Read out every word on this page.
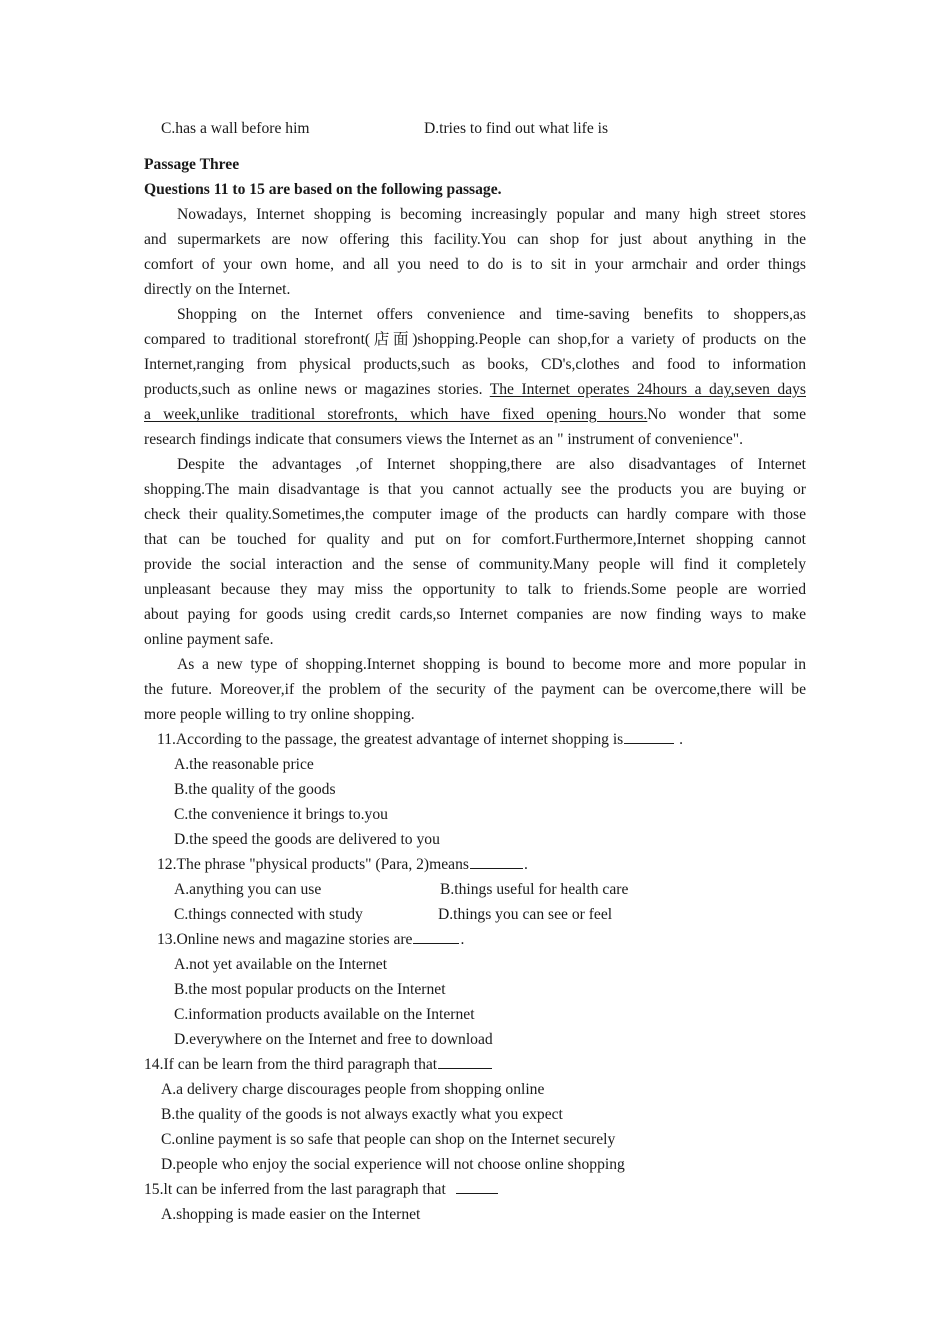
C.has a wall before him	D.tries to find out what life is
Passage Three
Questions 11 to 15 are based on the following passage.
Nowadays, Internet shopping is becoming increasingly popular and many high street stores
and supermarkets are now offering this facility.You can shop for just about anything in the
comfort of your own home, and all you need to do is to sit in your armchair and order things
directly on the Internet.
Shopping on the Internet offers convenience and time-saving benefits to shoppers,as
compared to traditional storefront(店面)shopping.People can shop,for a variety of products on the
Internet,ranging from physical products,such as books, CD's,clothes and food to information
products,such as online news or magazines stories. The Internet operates 24hours a day,seven days
a week,unlike traditional storefronts, which have fixed opening hours.No wonder that some
research findings indicate that consumers views the Internet as an " instrument of convenience".
Despite the advantages ,of Internet shopping,there are also disadvantages of Internet
shopping.The main disadvantage is that you cannot actually see the products you are buying or
check their quality.Sometimes,the computer image of the products can hardly compare with those
that can be touched for quality and put on for comfort.Furthermore,Internet shopping cannot
provide the social interaction and the sense of community.Many people will find it completely
unpleasant because they may miss the opportunity to talk to friends.Some people are worried
about paying for goods using credit cards,so Internet companies are now finding ways to make
online payment safe.
As a new type of shopping.Internet shopping is bound to become more and more popular in
the future. Moreover,if the problem of the security of the payment can be overcome,there will be
more people willing to try online shopping.
11.According to the passage, the greatest advantage of internet shopping is	.
A.the reasonable price
B.the quality of the goods
C.the convenience it brings to.you
D.the speed the goods are delivered to you
12.The phrase "physical products" (Para, 2)means	.
A.anything you can use	B.things useful for health care
C.things connected with study	D.things you can see or feel
13.Online news and magazine stories are	.
A.not yet available on the Internet
B.the most popular products on the Internet
C.information products available on the Internet
D.everywhere on the Internet and free to download
14.If can be learn from the third paragraph that
A.a delivery charge discourages people from shopping online
B.the quality of the goods is not always exactly what you expect
C.online payment is so safe that people can shop on the Internet securely
D.people who enjoy the social experience will not choose online shopping
15.lt can be inferred from the last paragraph that
A.shopping is made easier on the Internet
